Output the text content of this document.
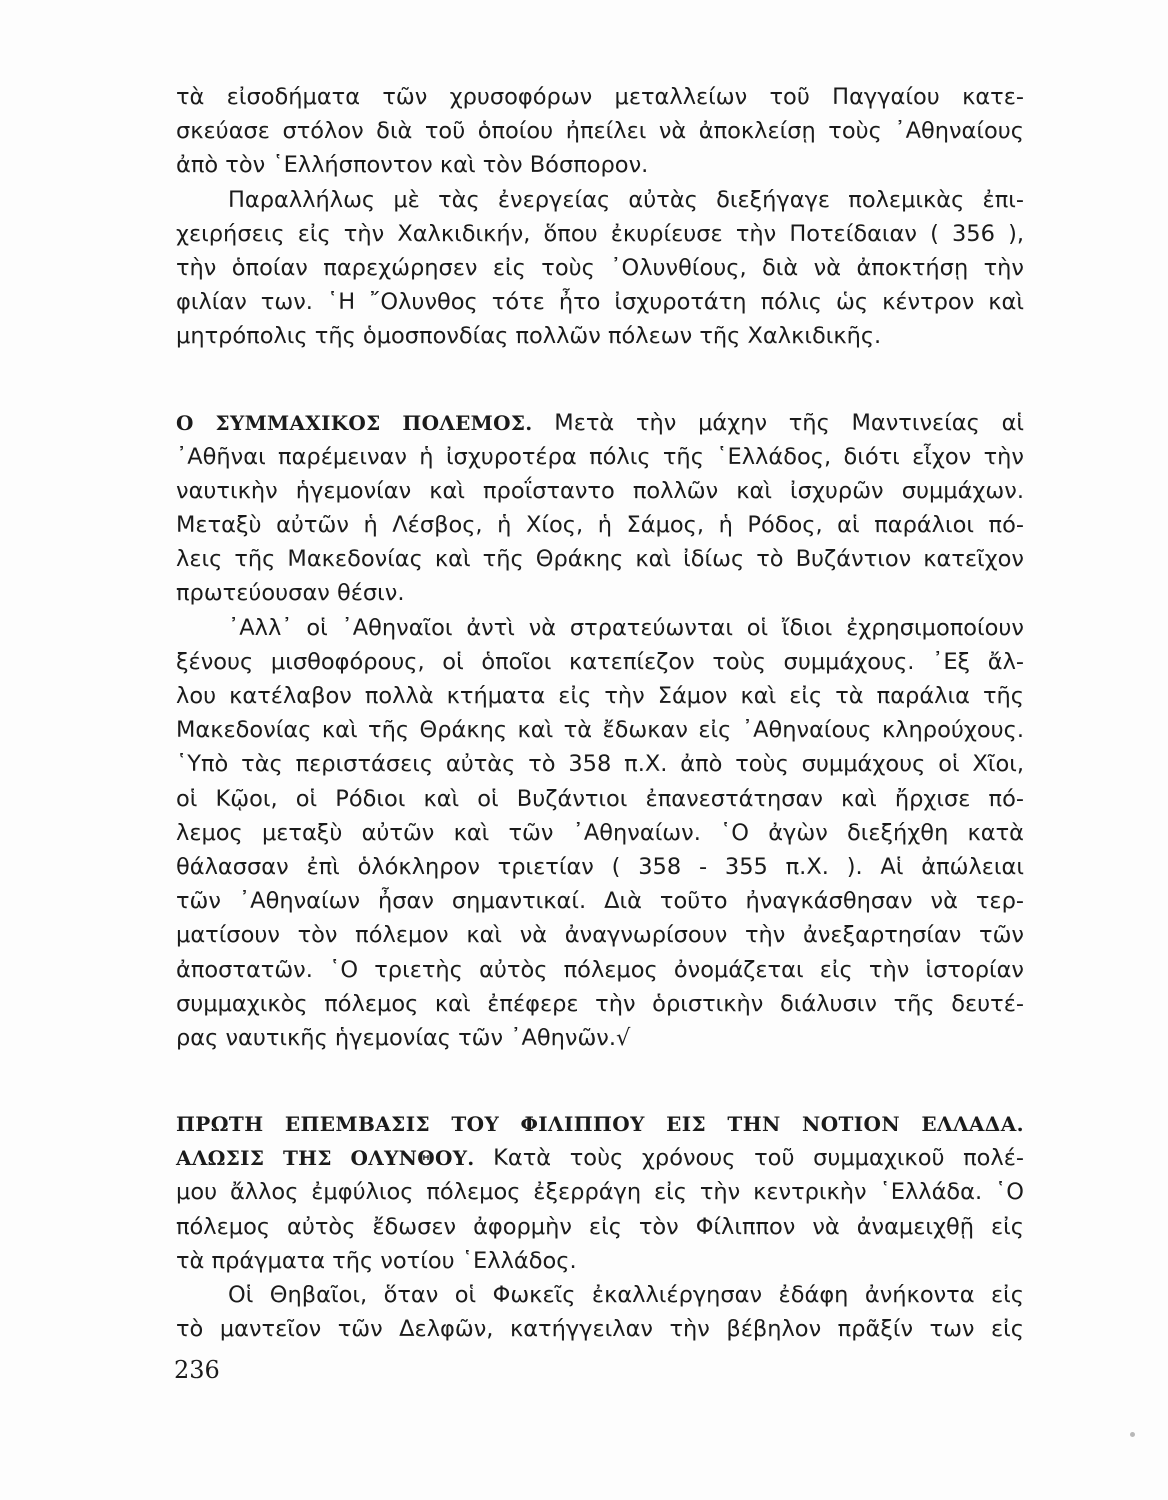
τὰ εἰσοδήματα τῶν χρυσοφόρων μεταλλείων τοῦ Παγγαίου κατε-
σκεύασε στόλον διὰ τοῦ ὁποίου ἠπείλει νὰ ἀποκλείσῃ τοὺς ᾽Αθηναίους
ἀπὸ τὸν ῾Ελλήσποντον καὶ τὸν Βόσπορον.
Παραλλήλως μὲ τὰς ἐνεργείας αὐτὰς διεξήγαγε πολεμικὰς ἐπι-
χειρήσεις εἰς τὴν Χαλκιδικήν, ὅπου ἐκυρίευσε τὴν Ποτείδαιαν ( 356 ),
τὴν ὁποίαν παρεχώρησεν εἰς τοὺς ᾽Ολυνθίους, διὰ νὰ ἀποκτήσῃ τὴν
φιλίαν των. ῾Η ῎Ολυνθος τότε ἦτο ἰσχυροτάτη πόλις ὡς κέντρον καὶ
μητρόπολις τῆς ὁμοσπονδίας πολλῶν πόλεων τῆς Χαλκιδικῆς.
Ο ΣΥΜΜΑΧΙΚΟΣ ΠΟΛΕΜΟΣ. Μετὰ τὴν μάχην τῆς Μαντινείας αἱ
᾽Αθῆναι παρέμειναν ἡ ἰσχυροτέρα πόλις τῆς ῾Ελλάδος, διότι εἶχον τὴν
ναυτικὴν ἡγεμονίαν καὶ προΐσταντο πολλῶν καὶ ἰσχυρῶν συμμάχων.
Μεταξὺ αὐτῶν ἡ Λέσβος, ἡ Χίος, ἡ Σάμος, ἡ Ρόδος, αἱ παράλιοι πό-
λεις τῆς Μακεδονίας καὶ τῆς Θράκης καὶ ἰδίως τὸ Βυζάντιον κατεῖχον
πρωτεύουσαν θέσιν.
᾽Αλλ᾽ οἱ ᾽Αθηναῖοι ἀντὶ νὰ στρατεύωνται οἱ ἴδιοι ἐχρησιμοποίουν
ξένους μισθοφόρους, οἱ ὁποῖοι κατεπίεζον τοὺς συμμάχους. ᾽Εξ ἄλ-
λου κατέλαβον πολλὰ κτήματα εἰς τὴν Σάμον καὶ εἰς τὰ παράλια τῆς
Μακεδονίας καὶ τῆς Θράκης καὶ τὰ ἔδωκαν εἰς ᾽Αθηναίους κληρούχους.
῾Υπὸ τὰς περιστάσεις αὐτὰς τὸ 358 π.Χ. ἀπὸ τοὺς συμμάχους οἱ Χῖοι,
οἱ Κῷοι, οἱ Ρόδιοι καὶ οἱ Βυζάντιοι ἐπανεστάτησαν καὶ ἤρχισε πό-
λεμος μεταξὺ αὐτῶν καὶ τῶν ᾽Αθηναίων. ῾Ο ἀγὼν διεξήχθη κατὰ
θάλασσαν ἐπὶ ὁλόκληρον τριετίαν ( 358 - 355 π.Χ. ). Αἱ ἀπώλειαι
τῶν ᾽Αθηναίων ἦσαν σημαντικαί. Διὰ τοῦτο ἠναγκάσθησαν νὰ τερ-
ματίσουν τὸν πόλεμον καὶ νὰ ἀναγνωρίσουν τὴν ἀνεξαρτησίαν τῶν
ἀποστατῶν. ῾Ο τριετὴς αὐτὸς πόλεμος ὀνομάζεται εἰς τὴν ἱστορίαν
συμμαχικὸς πόλεμος καὶ ἐπέφερε τὴν ὁριστικὴν διάλυσιν τῆς δευτέ-
ρας ναυτικῆς ἡγεμονίας τῶν ᾽Αθηνῶν.√
ΠΡΩΤΗ ΕΠΕΜΒΑΣΙΣ ΤΟΥ ΦΙΛΙΠΠΟΥ ΕΙΣ ΤΗΝ ΝΟΤΙΟΝ ΕΛΛΑΔΑ.
ΑΛΩΣΙΣ ΤΗΣ ΟΛΥΝΘΟΥ. Κατὰ τοὺς χρόνους τοῦ συμμαχικοῦ πολέ-
μου ἄλλος ἐμφύλιος πόλεμος ἐξερράγη εἰς τὴν κεντρικὴν ῾Ελλάδα. ῾Ο
πόλεμος αὐτὸς ἔδωσεν ἀφορμὴν εἰς τὸν Φίλιππον νὰ ἀναμειχθῇ εἰς
τὰ πράγματα τῆς νοτίου ῾Ελλάδος.
Οἱ Θηβαῖοι, ὅταν οἱ Φωκεῖς ἐκαλλιέργησαν ἐδάφη ἀνήκοντα εἰς
τὸ μαντεῖον τῶν Δελφῶν, κατήγγειλαν τὴν βέβηλον πρᾶξίν των εἰς
236
